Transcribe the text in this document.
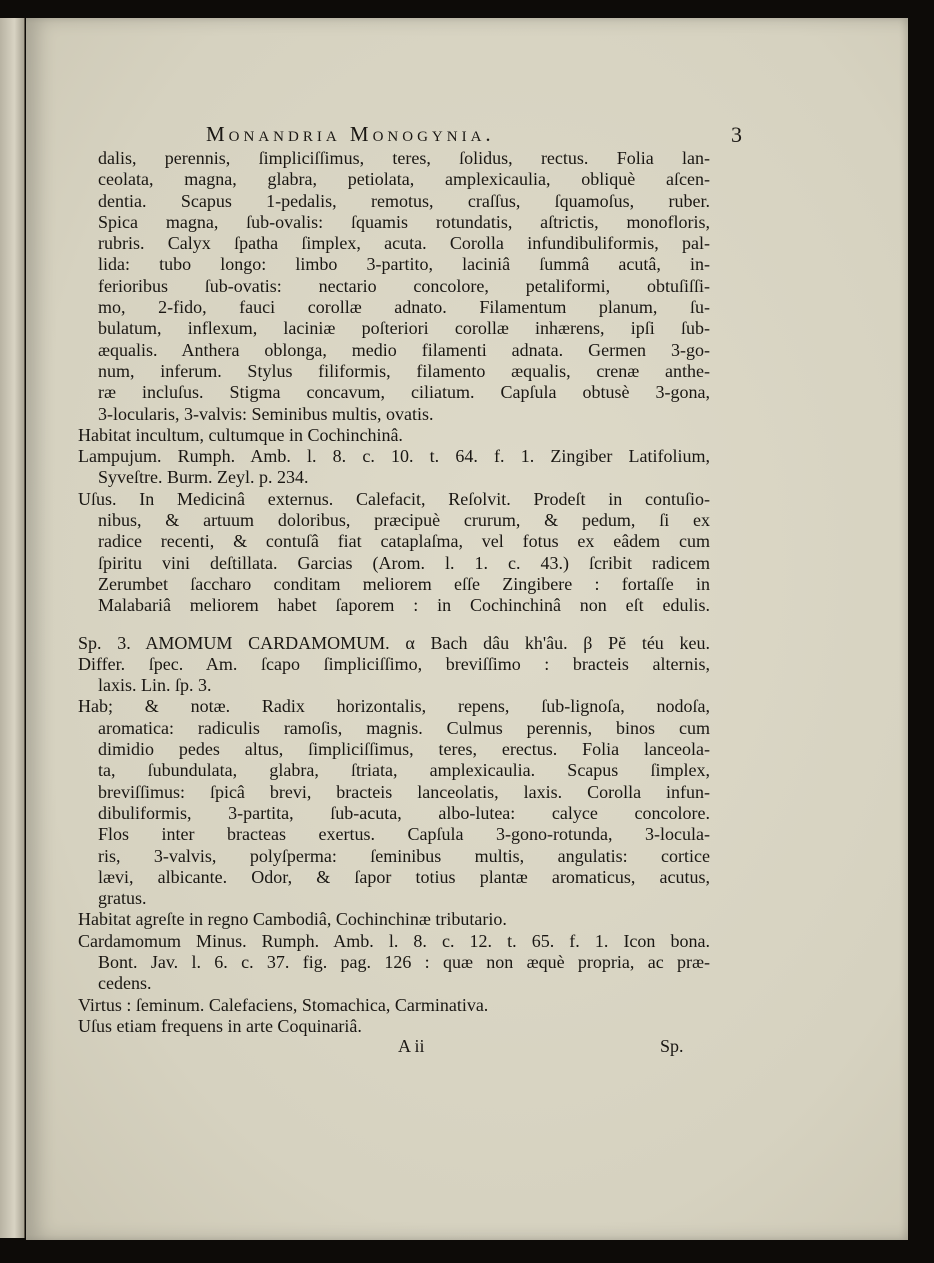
Monandria Monogynia.	3
dalis, perennis, ſimpliciſſimus, teres, ſolidus, rectus. Folia lan-
ceolata, magna, glabra, petiolata, amplexicaulia, obliquè aſcen-
dentia. Scapus 1-pedalis, remotus, craſſus, ſquamoſus, ruber.
Spica magna, ſub-ovalis: ſquamis rotundatis, aſtrictis, monofloris,
rubris. Calyx ſpatha ſimplex, acuta. Corolla infundibuliformis, pal-
lida: tubo longo: limbo 3-partito, laciniâ ſummâ acutâ, in-
ferioribus ſub-ovatis: nectario concolore, petaliformi, obtuſiſſi-
mo, 2-fido, fauci corollæ adnato. Filamentum planum, ſu-
bulatum, inflexum, laciniæ poſteriori corollæ inhærens, ipſi ſub-
æqualis. Anthera oblonga, medio filamenti adnata. Germen 3-go-
num, inferum. Stylus filiformis, filamento æqualis, crenæ anthe-
ræ incluſus. Stigma concavum, ciliatum. Capſula obtusè 3-gona,
3-locularis, 3-valvis: Seminibus multis, ovatis.
Habitat incultum, cultumque in Cochinchinâ.
Lampujum. Rumph. Amb. l. 8. c. 10. t. 64. f. 1. Zingiber Latifolium,
Syveſtre. Burm. Zeyl. p. 234.
Uſus. In Medicinâ externus. Calefacit, Reſolvit. Prodeſt in contuſio-
nibus, & artuum doloribus, præcipuè crurum, & pedum, ſi ex
radice recenti, & contuſâ fiat cataplaſma, vel fotus ex eâdem cum
ſpiritu vini deſtillata. Garcias (Arom. l. 1. c. 43.) ſcribit radicem
Zerumbet ſaccharo conditam meliorem eſſe Zingibere : fortaſſe in
Malabariâ meliorem habet ſaporem : in Cochinchinâ non eſt edulis.
Sp. 3. AMOMUM CARDAMOMUM. α Bach dâu kh'âu. β Pĕ téu keu.
Differ. ſpec. Am. ſcapo ſimpliciſſimo, breviſſimo : bracteis alternis,
laxis. Lin. ſp. 3.
Hab; & notæ. Radix horizontalis, repens, ſub-lignoſa, nodoſa,
aromatica: radiculis ramoſis, magnis. Culmus perennis, binos cum
dimidio pedes altus, ſimpliciſſimus, teres, erectus. Folia lanceola-
ta, ſubundulata, glabra, ſtriata, amplexicaulia. Scapus ſimplex,
breviſſimus: ſpicâ brevi, bracteis lanceolatis, laxis. Corolla infun-
dibuliformis, 3-partita, ſub-acuta, albo-lutea: calyce concolore.
Flos inter bracteas exertus. Capſula 3-gono-rotunda, 3-locula-
ris, 3-valvis, polyſperma: ſeminibus multis, angulatis: cortice
lævi, albicante. Odor, & ſapor totius plantæ aromaticus, acutus,
gratus.
Habitat agreſte in regno Cambodiâ, Cochinchinæ tributario.
Cardamomum Minus. Rumph. Amb. l. 8. c. 12. t. 65. f. 1. Icon bona.
Bont. Jav. l. 6. c. 37. fig. pag. 126 : quæ non æquè propria, ac præ-
cedens.
Virtus : ſeminum. Calefaciens, Stomachica, Carminativa.
Uſus etiam frequens in arte Coquinariâ.
A ii	Sp.
